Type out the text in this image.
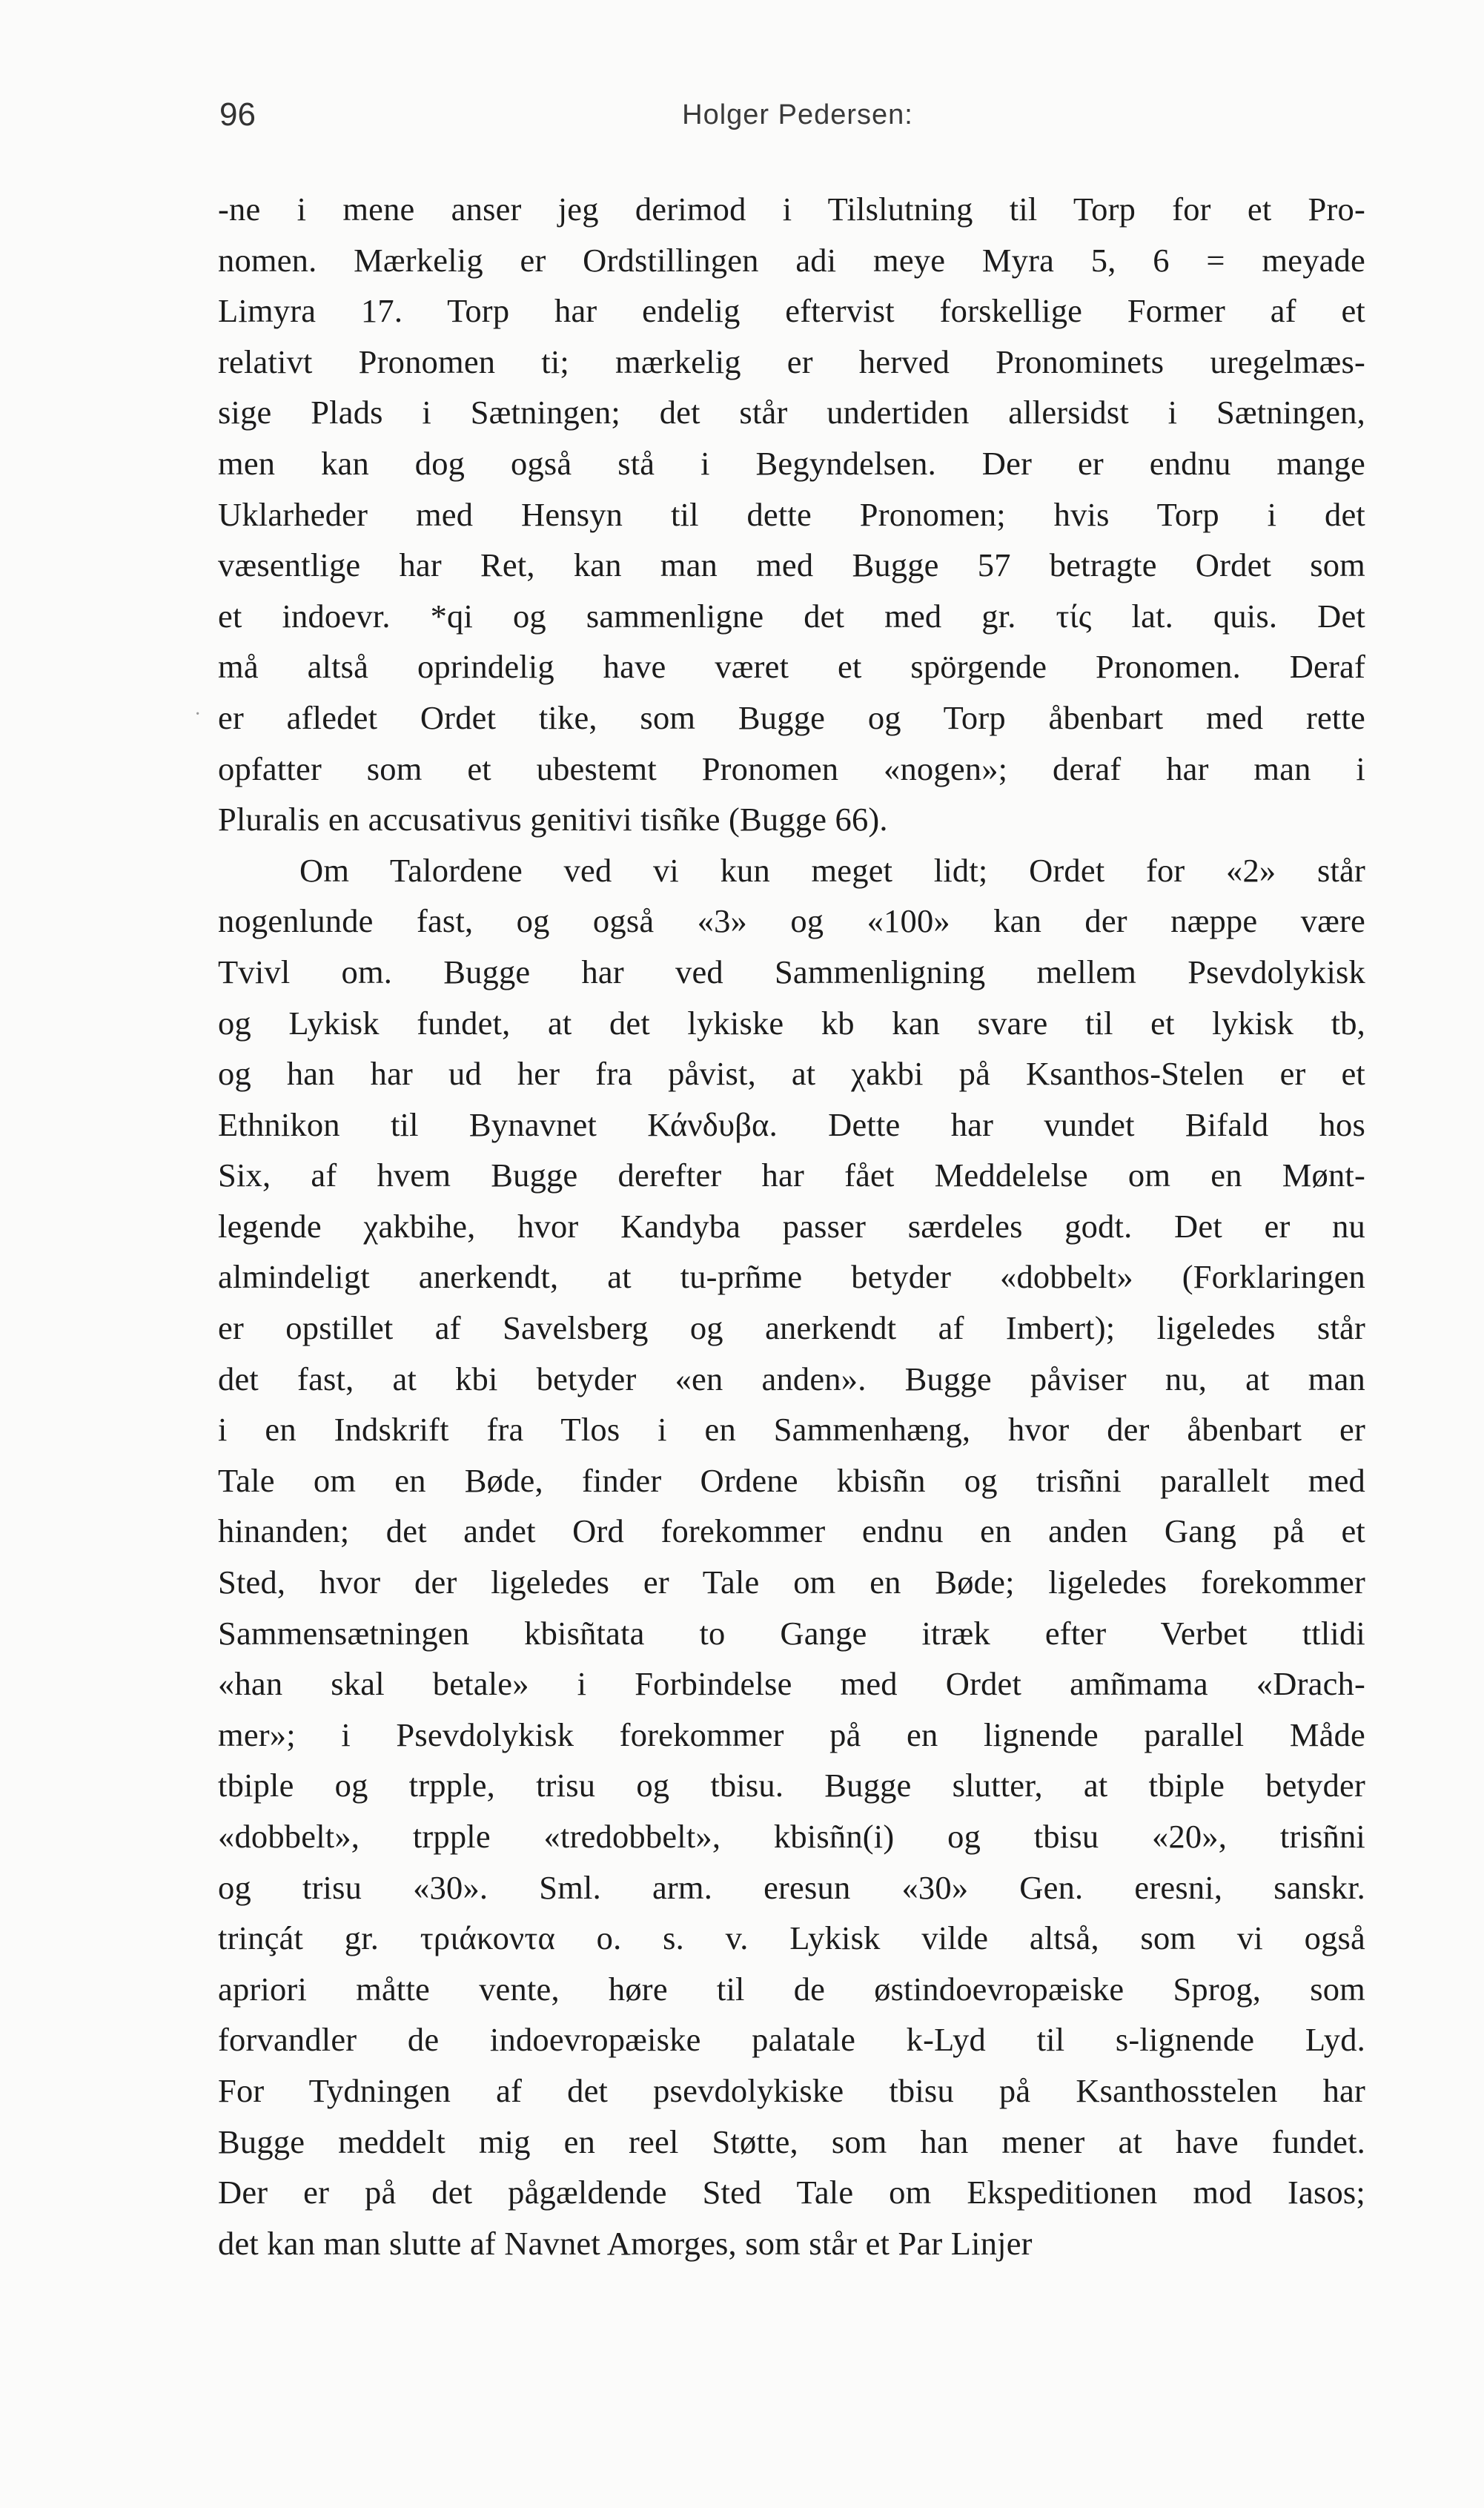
96	Holger Pedersen:
·
-ne i mene anser jeg derimod i Tilslutning til Torp for et Pro-
nomen. Mærkelig er Ordstillingen adi meye Myra 5, 6 = meyade
Limyra 17. Torp har endelig eftervist forskellige Former af et
relativt Pronomen ti; mærkelig er herved Pronominets uregelmæs-
sige Plads i Sætningen; det står undertiden allersidst i Sætningen,
men kan dog også stå i Begyndelsen. Der er endnu mange
Uklarheder med Hensyn til dette Pronomen; hvis Torp i det
væsentlige har Ret, kan man med Bugge 57 betragte Ordet som
et indoevr. *qi og sammenligne det med gr. τίς lat. quis. Det
må altså oprindelig have været et spörgende Pronomen. Deraf
er afledet Ordet tike, som Bugge og Torp åbenbart med rette
opfatter som et ubestemt Pronomen «nogen»; deraf har man i
Pluralis en accusativus genitivi tisñke (Bugge 66).
Om Talordene ved vi kun meget lidt; Ordet for «2» står
nogenlunde fast, og også «3» og «100» kan der næppe være
Tvivl om. Bugge har ved Sammenligning mellem Psevdolykisk
og Lykisk fundet, at det lykiske kb kan svare til et lykisk tb,
og han har ud her fra påvist, at χakbi på Ksanthos-Stelen er et
Ethnikon til Bynavnet Κάνδυβα. Dette har vundet Bifald hos
Six, af hvem Bugge derefter har fået Meddelelse om en Mønt-
legende χakbihe, hvor Kandyba passer særdeles godt. Det er nu
almindeligt anerkendt, at tu-prñme betyder «dobbelt» (Forklaringen
er opstillet af Savelsberg og anerkendt af Imbert); ligeledes står
det fast, at kbi betyder «en anden». Bugge påviser nu, at man
i en Indskrift fra Tlos i en Sammenhæng, hvor der åbenbart er
Tale om en Bøde, finder Ordene kbisñn og trisñni parallelt med
hinanden; det andet Ord forekommer endnu en anden Gang på et
Sted, hvor der ligeledes er Tale om en Bøde; ligeledes forekommer
Sammensætningen kbisñtata to Gange itræk efter Verbet ttlidi
«han skal betale» i Forbindelse med Ordet amñmama «Drach-
mer»; i Psevdolykisk forekommer på en lignende parallel Måde
tbiple og trpple, trisu og tbisu. Bugge slutter, at tbiple betyder
«dobbelt», trpple «tredobbelt», kbisñn(i) og tbisu «20», trisñni
og trisu «30». Sml. arm. eresun «30» Gen. eresni, sanskr.
trinçát gr. τριάκοντα o. s. v. Lykisk vilde altså, som vi også
apriori måtte vente, høre til de østindoevropæiske Sprog, som
forvandler de indoevropæiske palatale k-Lyd til s-lignende Lyd.
For Tydningen af det psevdolykiske tbisu på Ksanthosstelen har
Bugge meddelt mig en reel Støtte, som han mener at have fundet.
Der er på det pågældende Sted Tale om Ekspeditionen mod Iasos;
det kan man slutte af Navnet Amorges, som står et Par Linjer
